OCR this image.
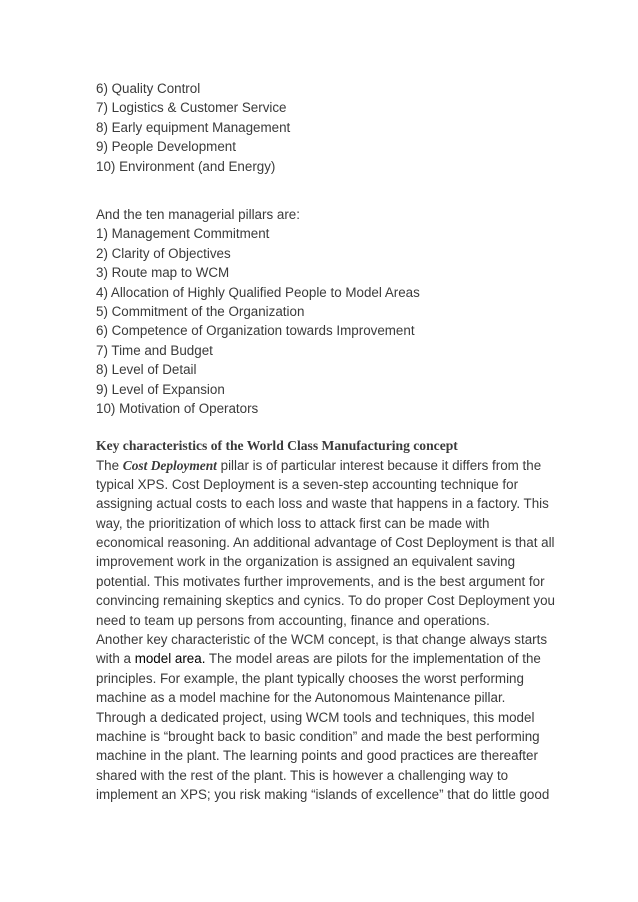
6) Quality Control
7) Logistics & Customer Service
8) Early equipment Management
9) People Development
10) Environment (and Energy)
And the ten managerial pillars are:
1) Management Commitment
2) Clarity of Objectives
3) Route map to WCM
4) Allocation of Highly Qualified People to Model Areas
5) Commitment of the Organization
6) Competence of Organization towards Improvement
7) Time and Budget
8) Level of Detail
9) Level of Expansion
10) Motivation of Operators
Key characteristics of the World Class Manufacturing concept
The Cost Deployment pillar is of particular interest because it differs from the
typical XPS. Cost Deployment is a seven-step accounting technique for
assigning actual costs to each loss and waste that happens in a factory. This
way, the prioritization of which loss to attack first can be made with
economical reasoning. An additional advantage of Cost Deployment is that all
improvement work in the organization is assigned an equivalent saving
potential. This motivates further improvements, and is the best argument for
convincing remaining skeptics and cynics. To do proper Cost Deployment you
need to team up persons from accounting, finance and operations.
Another key characteristic of the WCM concept, is that change always starts
with a model area. The model areas are pilots for the implementation of the
principles. For example, the plant typically chooses the worst performing
machine as a model machine for the Autonomous Maintenance pillar.
Through a dedicated project, using WCM tools and techniques, this model
machine is “brought back to basic condition” and made the best performing
machine in the plant. The learning points and good practices are thereafter
shared with the rest of the plant. This is however a challenging way to
implement an XPS; you risk making “islands of excellence” that do little good
